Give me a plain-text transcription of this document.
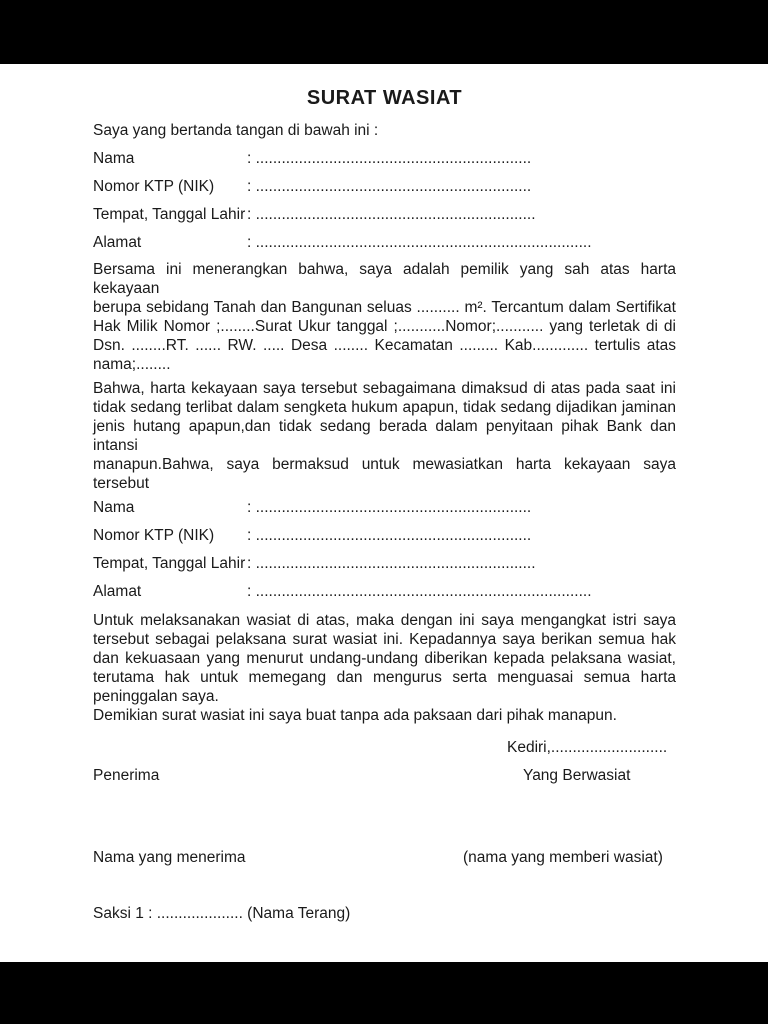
SURAT WASIAT
Saya yang bertanda tangan di bawah ini :
Nama	: ................................................................
Nomor KTP (NIK)	: ................................................................
Tempat, Tanggal Lahir : .................................................................
Alamat	: ..............................................................................
Bersama ini menerangkan bahwa, saya adalah pemilik yang sah atas harta kekayaan
berupa sebidang Tanah dan Bangunan seluas .......... m². Tercantum dalam Sertifikat
Hak Milik Nomor ;........Surat Ukur tanggal ;...........Nomor;........... yang terletak di di
Dsn. ........RT. ...... RW. ..... Desa ........ Kecamatan ......... Kab............. tertulis atas
nama;........
Bahwa, harta kekayaan saya tersebut sebagaimana dimaksud di atas pada saat ini
tidak sedang terlibat dalam sengketa hukum apapun, tidak sedang dijadikan jaminan
jenis hutang apapun,dan tidak sedang berada dalam penyitaan pihak Bank dan intansi
manapun.Bahwa, saya bermaksud untuk mewasiatkan harta kekayaan saya tersebut
Nama	: ................................................................
Nomor KTP (NIK)	: ................................................................
Tempat, Tanggal Lahir : .................................................................
Alamat	: ..............................................................................
Untuk melaksanakan wasiat di atas, maka dengan ini saya mengangkat istri saya
tersebut sebagai pelaksana surat wasiat ini. Kepadannya saya berikan semua hak
dan kekuasaan yang menurut undang-undang diberikan kepada pelaksana wasiat,
terutama hak untuk memegang dan mengurus serta menguasai semua harta
peninggalan saya.
Demikian surat wasiat ini saya buat tanpa ada paksaan dari pihak manapun.
Kediri,...........................
Penerima	Yang Berwasiat
Nama yang menerima	(nama yang memberi wasiat)
Saksi 1 : .................... (Nama Terang)
